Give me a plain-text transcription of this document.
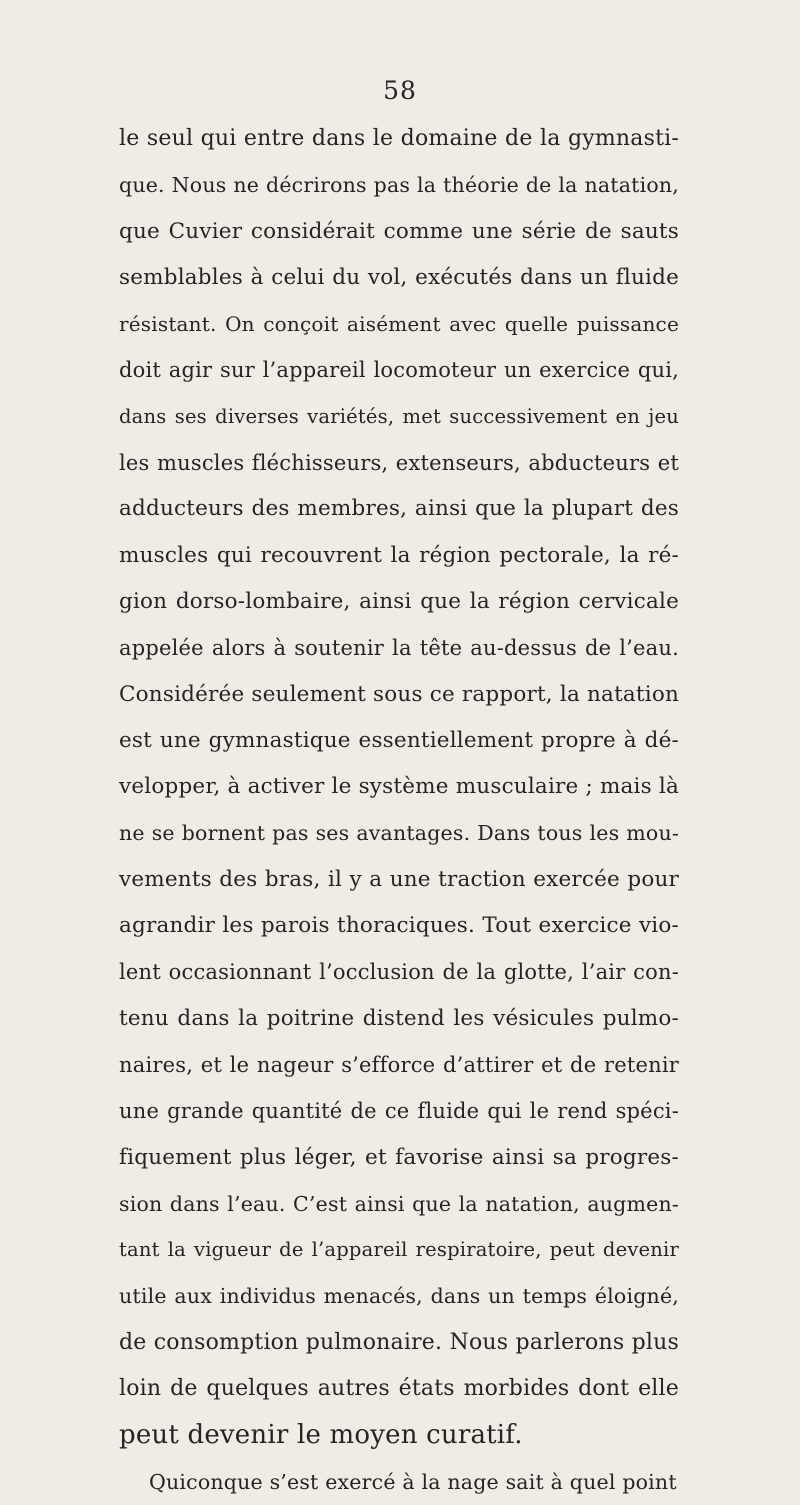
58
le seul qui entre dans le domaine de la gymnasti-
que. Nous ne décrirons pas la théorie de la natation,
que Cuvier considérait comme une série de sauts
semblables à celui du vol, exécutés dans un fluide
résistant. On conçoit aisément avec quelle puissance
doit agir sur l’appareil locomoteur un exercice qui,
dans ses diverses variétés, met successivement en jeu
les muscles fléchisseurs, extenseurs, abducteurs et
adducteurs des membres, ainsi que la plupart des
muscles qui recouvrent la région pectorale, la ré-
gion dorso-lombaire, ainsi que la région cervicale
appelée alors à soutenir la tête au-dessus de l’eau.
Considérée seulement sous ce rapport, la natation
est une gymnastique essentiellement propre à dé-
velopper, à activer le système musculaire ; mais là
ne se bornent pas ses avantages. Dans tous les mou-
vements des bras, il y a une traction exercée pour
agrandir les parois thoraciques. Tout exercice vio-
lent occasionnant l’occlusion de la glotte, l’air con-
tenu dans la poitrine distend les vésicules pulmo-
naires, et le nageur s’efforce d’attirer et de retenir
une grande quantité de ce fluide qui le rend spéci-
fiquement plus léger, et favorise ainsi sa progres-
sion dans l’eau. C’est ainsi que la natation, augmen-
tant la vigueur de l’appareil respiratoire, peut devenir
utile aux individus menacés, dans un temps éloigné,
de consomption pulmonaire. Nous parlerons plus
loin de quelques autres états morbides dont elle
peut devenir le moyen curatif.
Quiconque s’est exercé à la nage sait à quel point
